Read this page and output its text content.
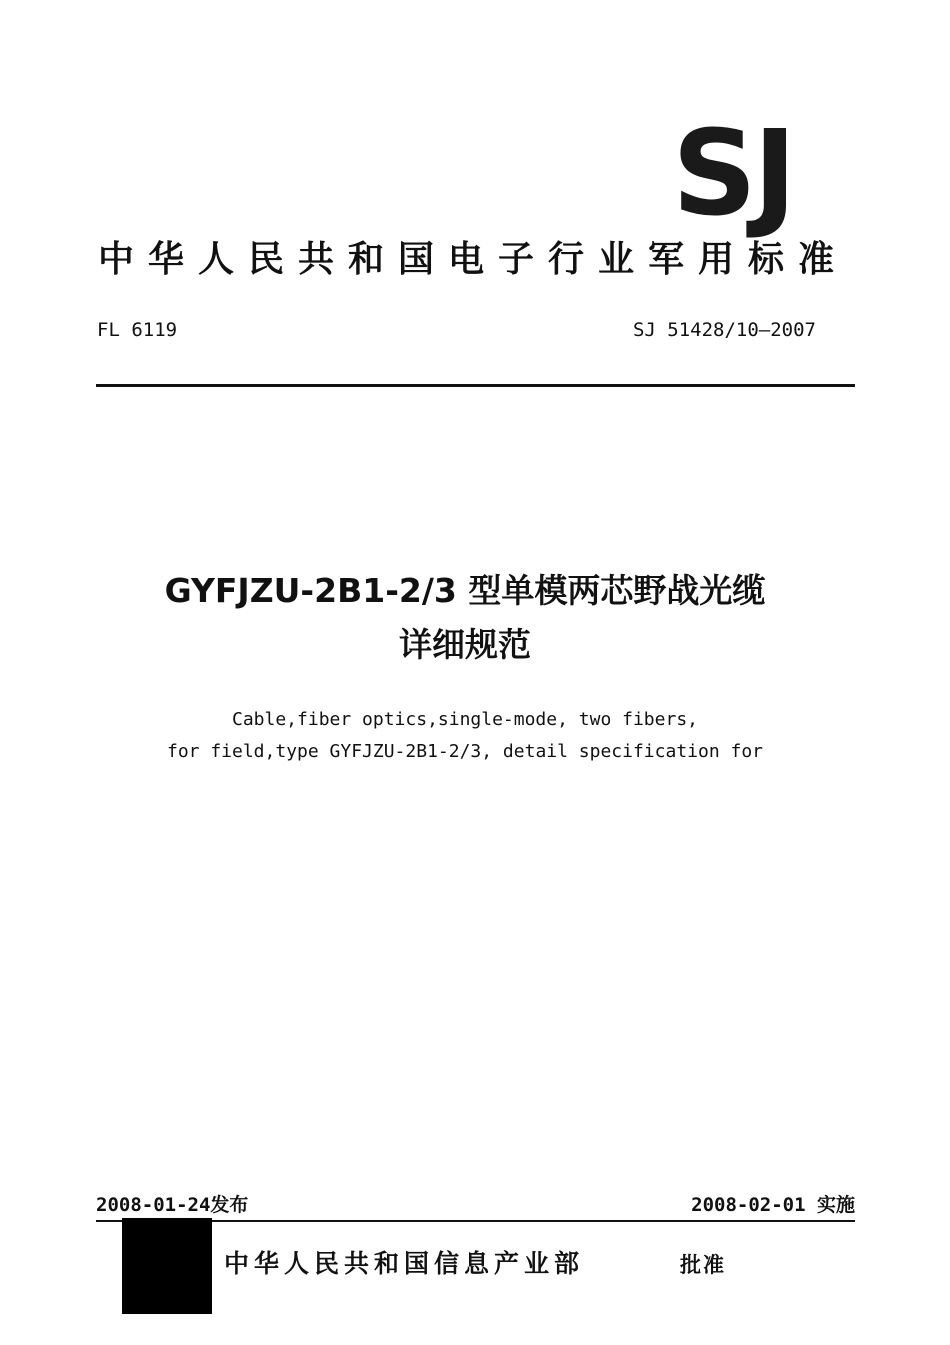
SJ
中华人民共和国电子行业军用标准
FL 6119	SJ 51428/10—2007
GYFJZU-2B1-2/3 型单模两芯野战光缆
详细规范
Cable,fiber optics,single-mode, two fibers,
for field,type GYFJZU-2B1-2/3, detail specification for
2008-01-24发布	2008-02-01 实施
中华人民共和国信息产业部	批准
